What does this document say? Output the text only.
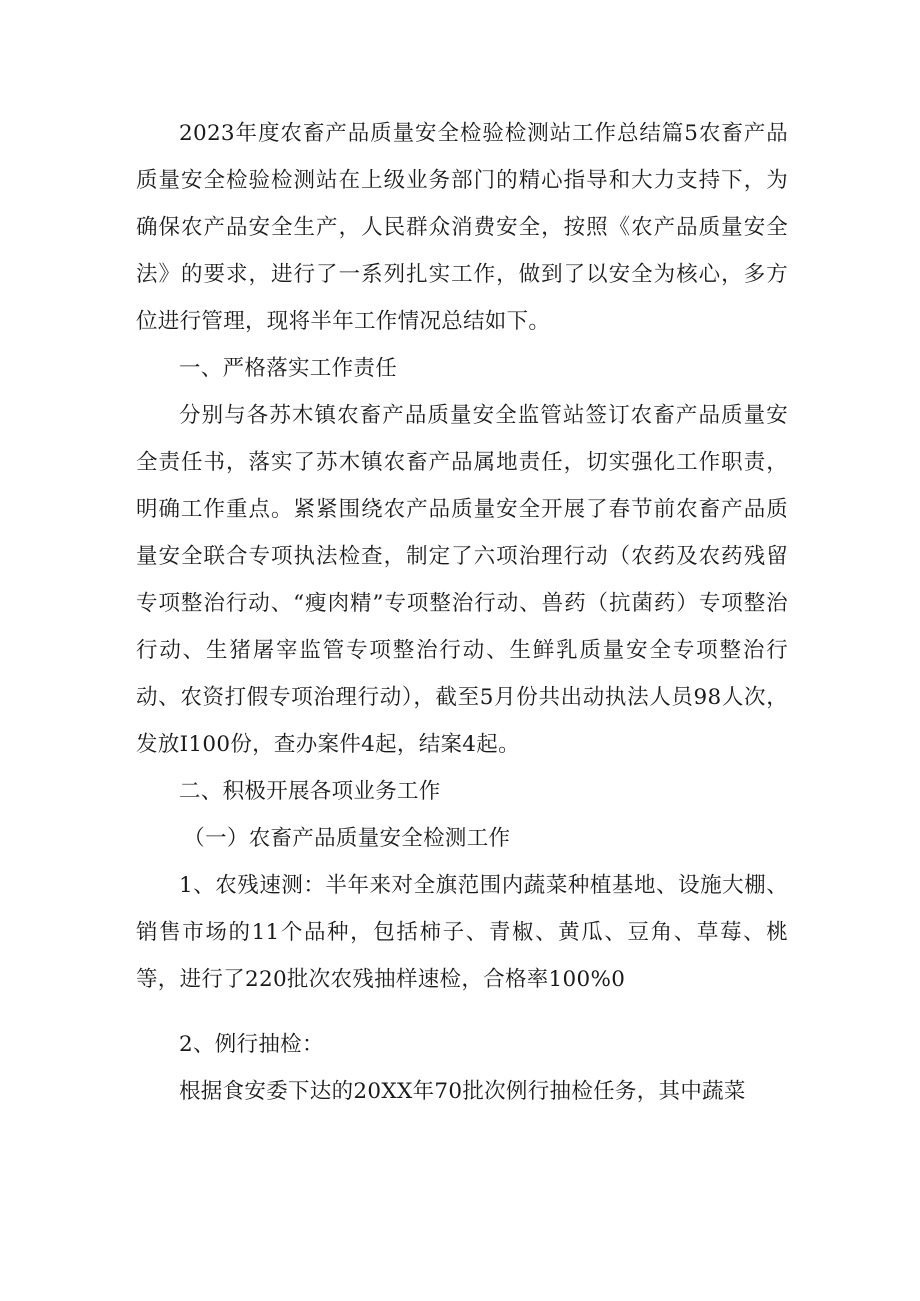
2023年度农畜产品质量安全检验检测站工作总结篇5农畜产品质量安全检验检测站在上级业务部门的精心指导和大力支持下，为确保农产品安全生产，人民群众消费安全，按照《农产品质量安全法》的要求，进行了一系列扎实工作，做到了以安全为核心，多方位进行管理，现将半年工作情况总结如下。

一、严格落实工作责任

分别与各苏木镇农畜产品质量安全监管站签订农畜产品质量安全责任书，落实了苏木镇农畜产品属地责任，切实强化工作职责，明确工作重点。紧紧围绕农产品质量安全开展了春节前农畜产品质量安全联合专项执法检查，制定了六项治理行动（农药及农药残留专项整治行动、“瘦肉精”专项整治行动、兽药（抗菌药）专项整治行动、生猪屠宰监管专项整治行动、生鲜乳质量安全专项整治行动、农资打假专项治理行动），截至5月份共出动执法人员98人次，发放I100份，查办案件4起，结案4起。

二、积极开展各项业务工作

（一）农畜产品质量安全检测工作

1、农残速测：半年来对全旗范围内蔬菜种植基地、设施大棚、销售市场的11个品种，包括柿子、青椒、黄瓜、豆角、草莓、桃等，进行了220批次农残抽样速检，合格率100%0

2、例行抽检：

根据食安委下达的20XX年70批次例行抽检任务，其中蔬菜
